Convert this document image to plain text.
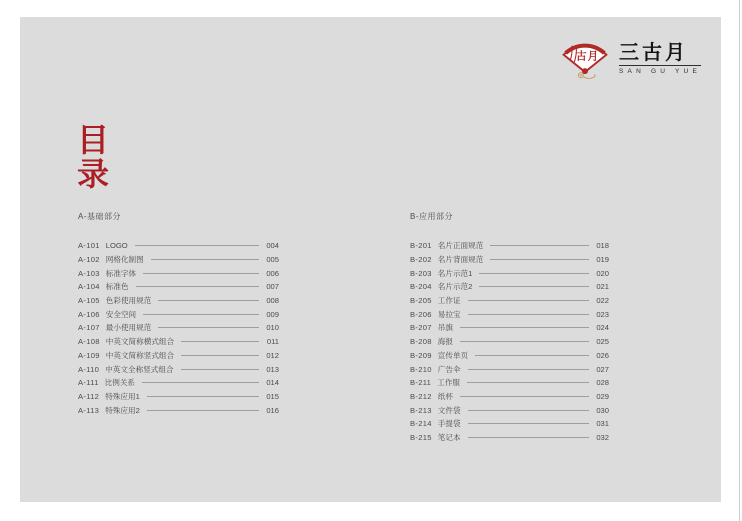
古月 三古月
SAN GU YUE
目
录
A-基础部分
A-101 LOGO	004
A-102 网格化制图	005
A-103 标准字体	006
A-104 标准色	007
A-105 色彩使用规范	008
A-106 安全空间	009
A-107 最小使用规范	010
A-108 中英文简称横式组合	011
A-109 中英文简称竖式组合	012
A-110 中英文全称竖式组合	013
A-111 比例关系	014
A-112 特殊应用1	015
A-113 特殊应用2	016
B-应用部分
B-201 名片正面规范	018
B-202 名片背面规范	019
B-203 名片示范1	020
B-204 名片示范2	021
B-205 工作证	022
B-206 易拉宝	023
B-207 吊旗	024
B-208 海报	025
B-209 宣传单页	026
B-210 广告伞	027
B-211 工作服	028
B-212 纸杯	029
B-213 文件袋	030
B-214 手提袋	031
B-215 笔记本	032
